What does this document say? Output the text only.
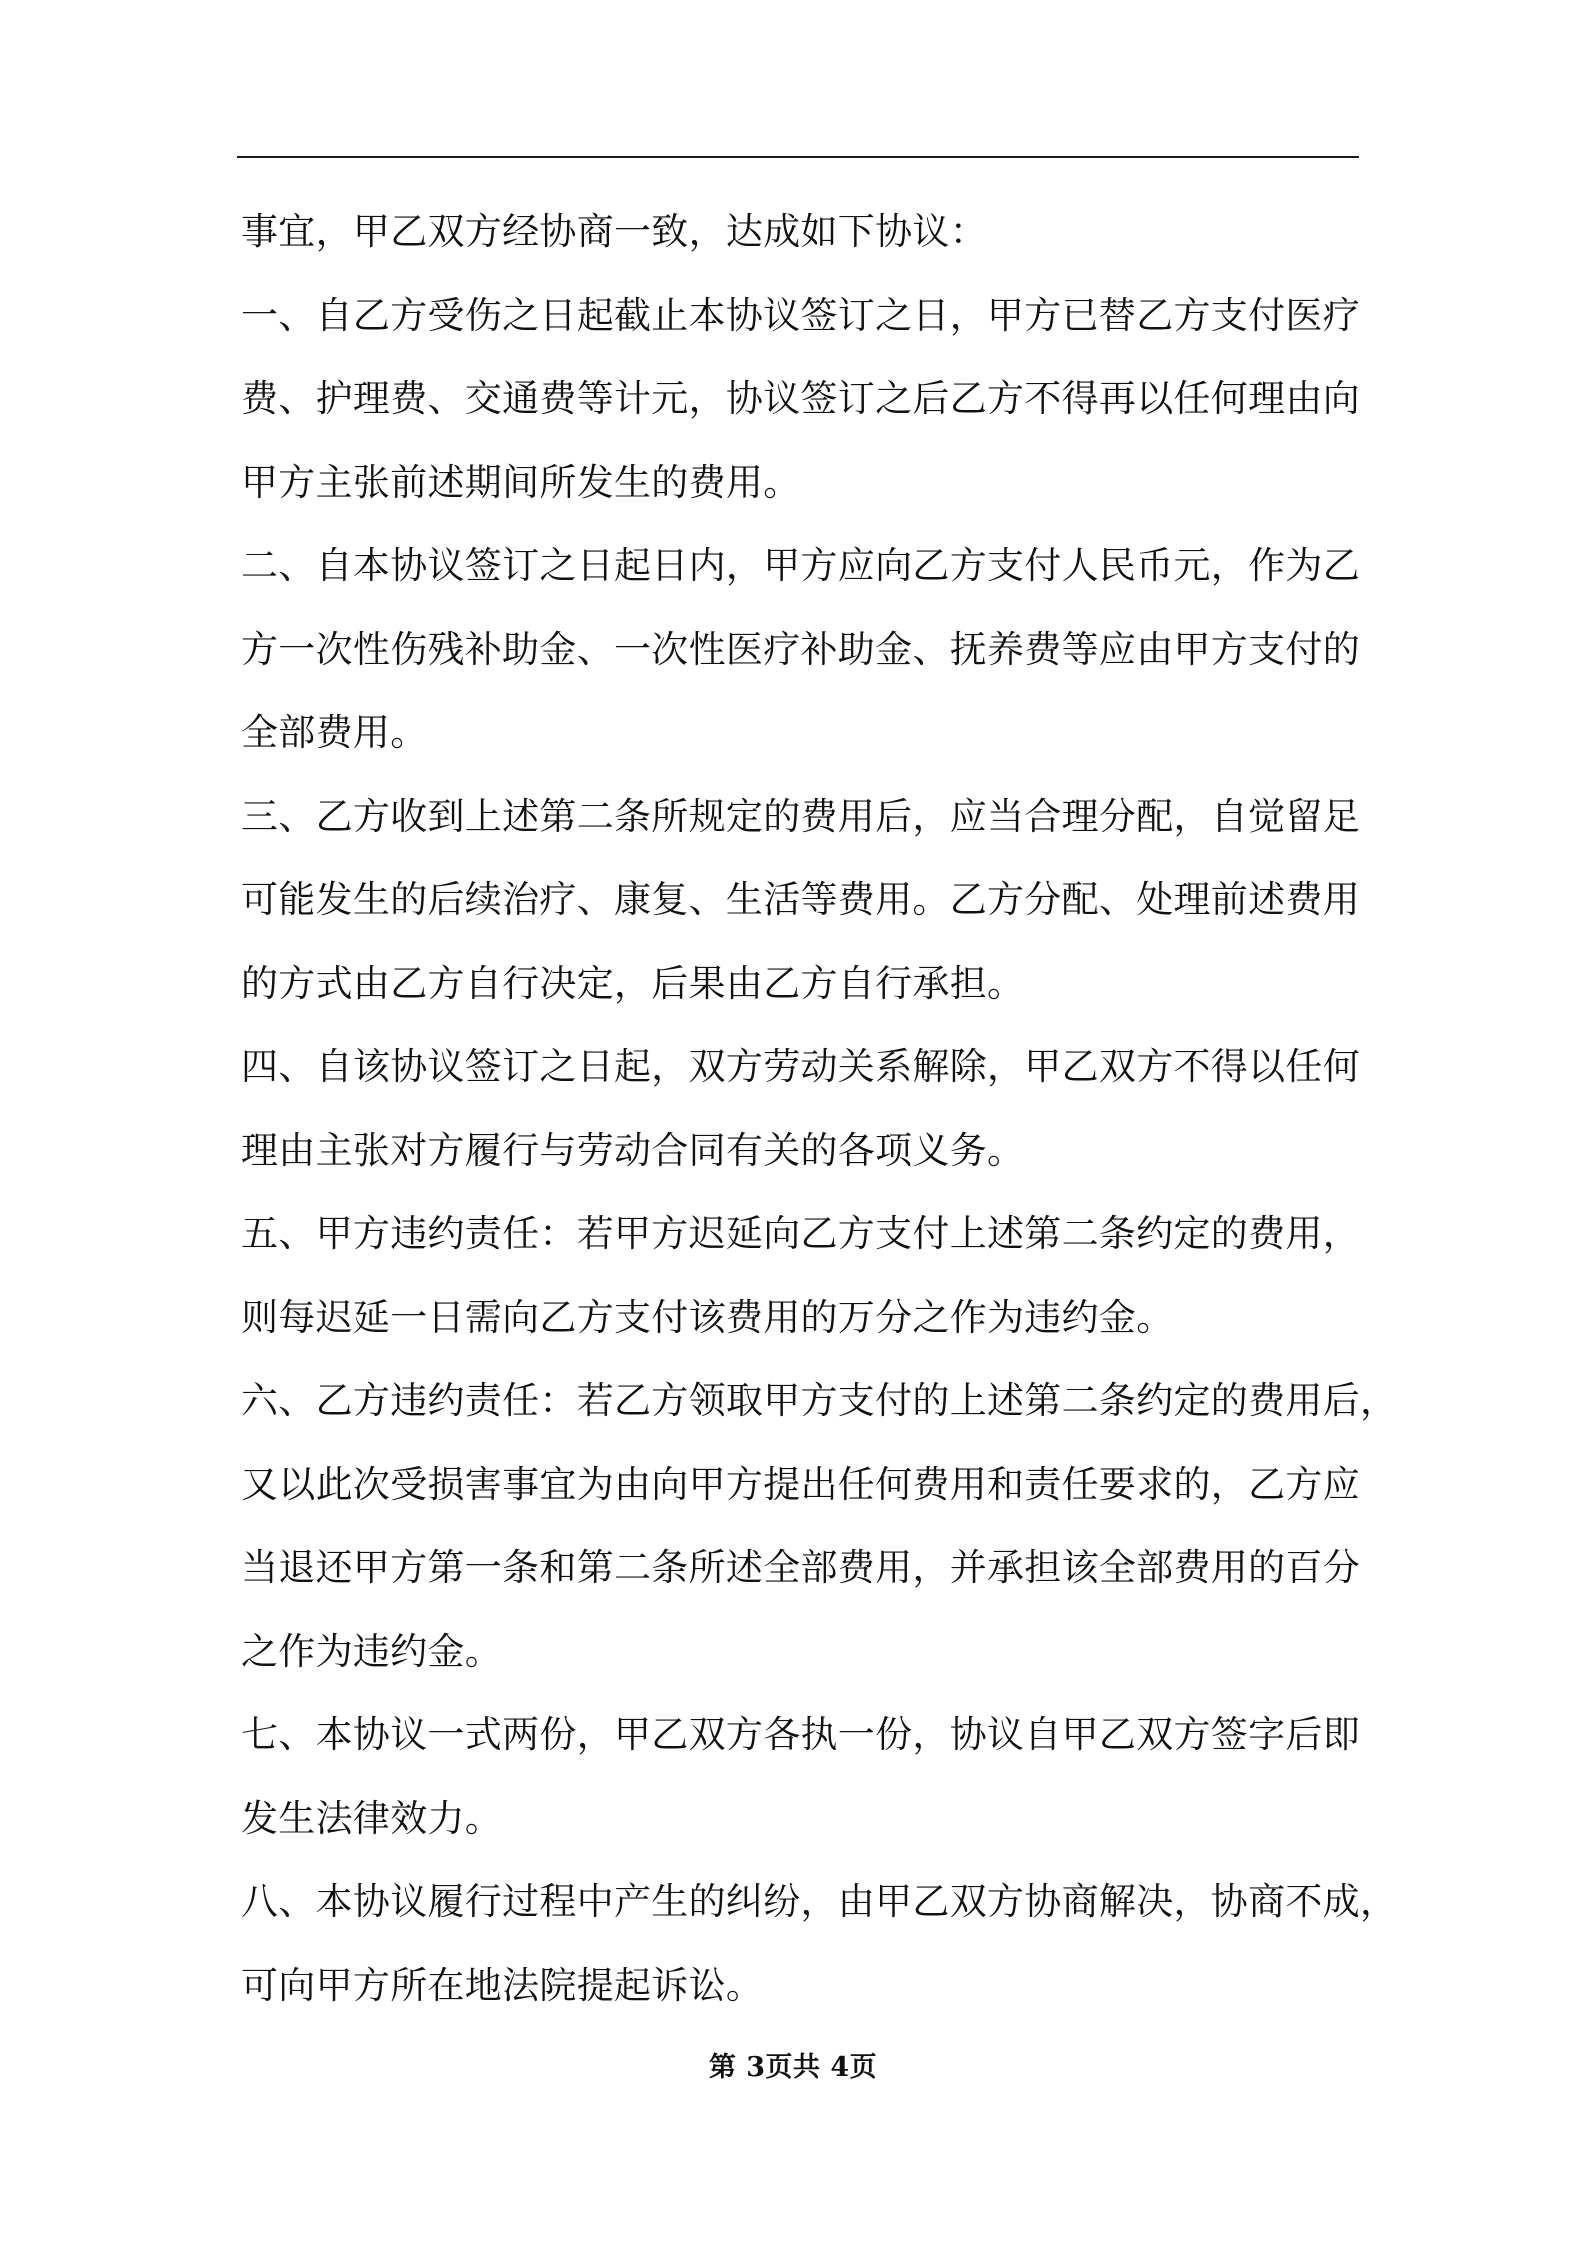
事宜，甲乙双方经协商一致，达成如下协议：
一、自乙方受伤之日起截止本协议签订之日，甲方已替乙方支付医疗
费、护理费、交通费等计元，协议签订之后乙方不得再以任何理由向
甲方主张前述期间所发生的费用。
二、自本协议签订之日起日内，甲方应向乙方支付人民币元，作为乙
方一次性伤残补助金、一次性医疗补助金、抚养费等应由甲方支付的
全部费用。
三、乙方收到上述第二条所规定的费用后，应当合理分配，自觉留足
可能发生的后续治疗、康复、生活等费用。乙方分配、处理前述费用
的方式由乙方自行决定，后果由乙方自行承担。
四、自该协议签订之日起，双方劳动关系解除，甲乙双方不得以任何
理由主张对方履行与劳动合同有关的各项义务。
五、甲方违约责任：若甲方迟延向乙方支付上述第二条约定的费用，
则每迟延一日需向乙方支付该费用的万分之作为违约金。
六、乙方违约责任：若乙方领取甲方支付的上述第二条约定的费用后，
又以此次受损害事宜为由向甲方提出任何费用和责任要求的，乙方应
当退还甲方第一条和第二条所述全部费用，并承担该全部费用的百分
之作为违约金。
七、本协议一式两份，甲乙双方各执一份，协议自甲乙双方签字后即
发生法律效力。
八、本协议履行过程中产生的纠纷，由甲乙双方协商解决，协商不成，
可向甲方所在地法院提起诉讼。
第 3页共 4页
